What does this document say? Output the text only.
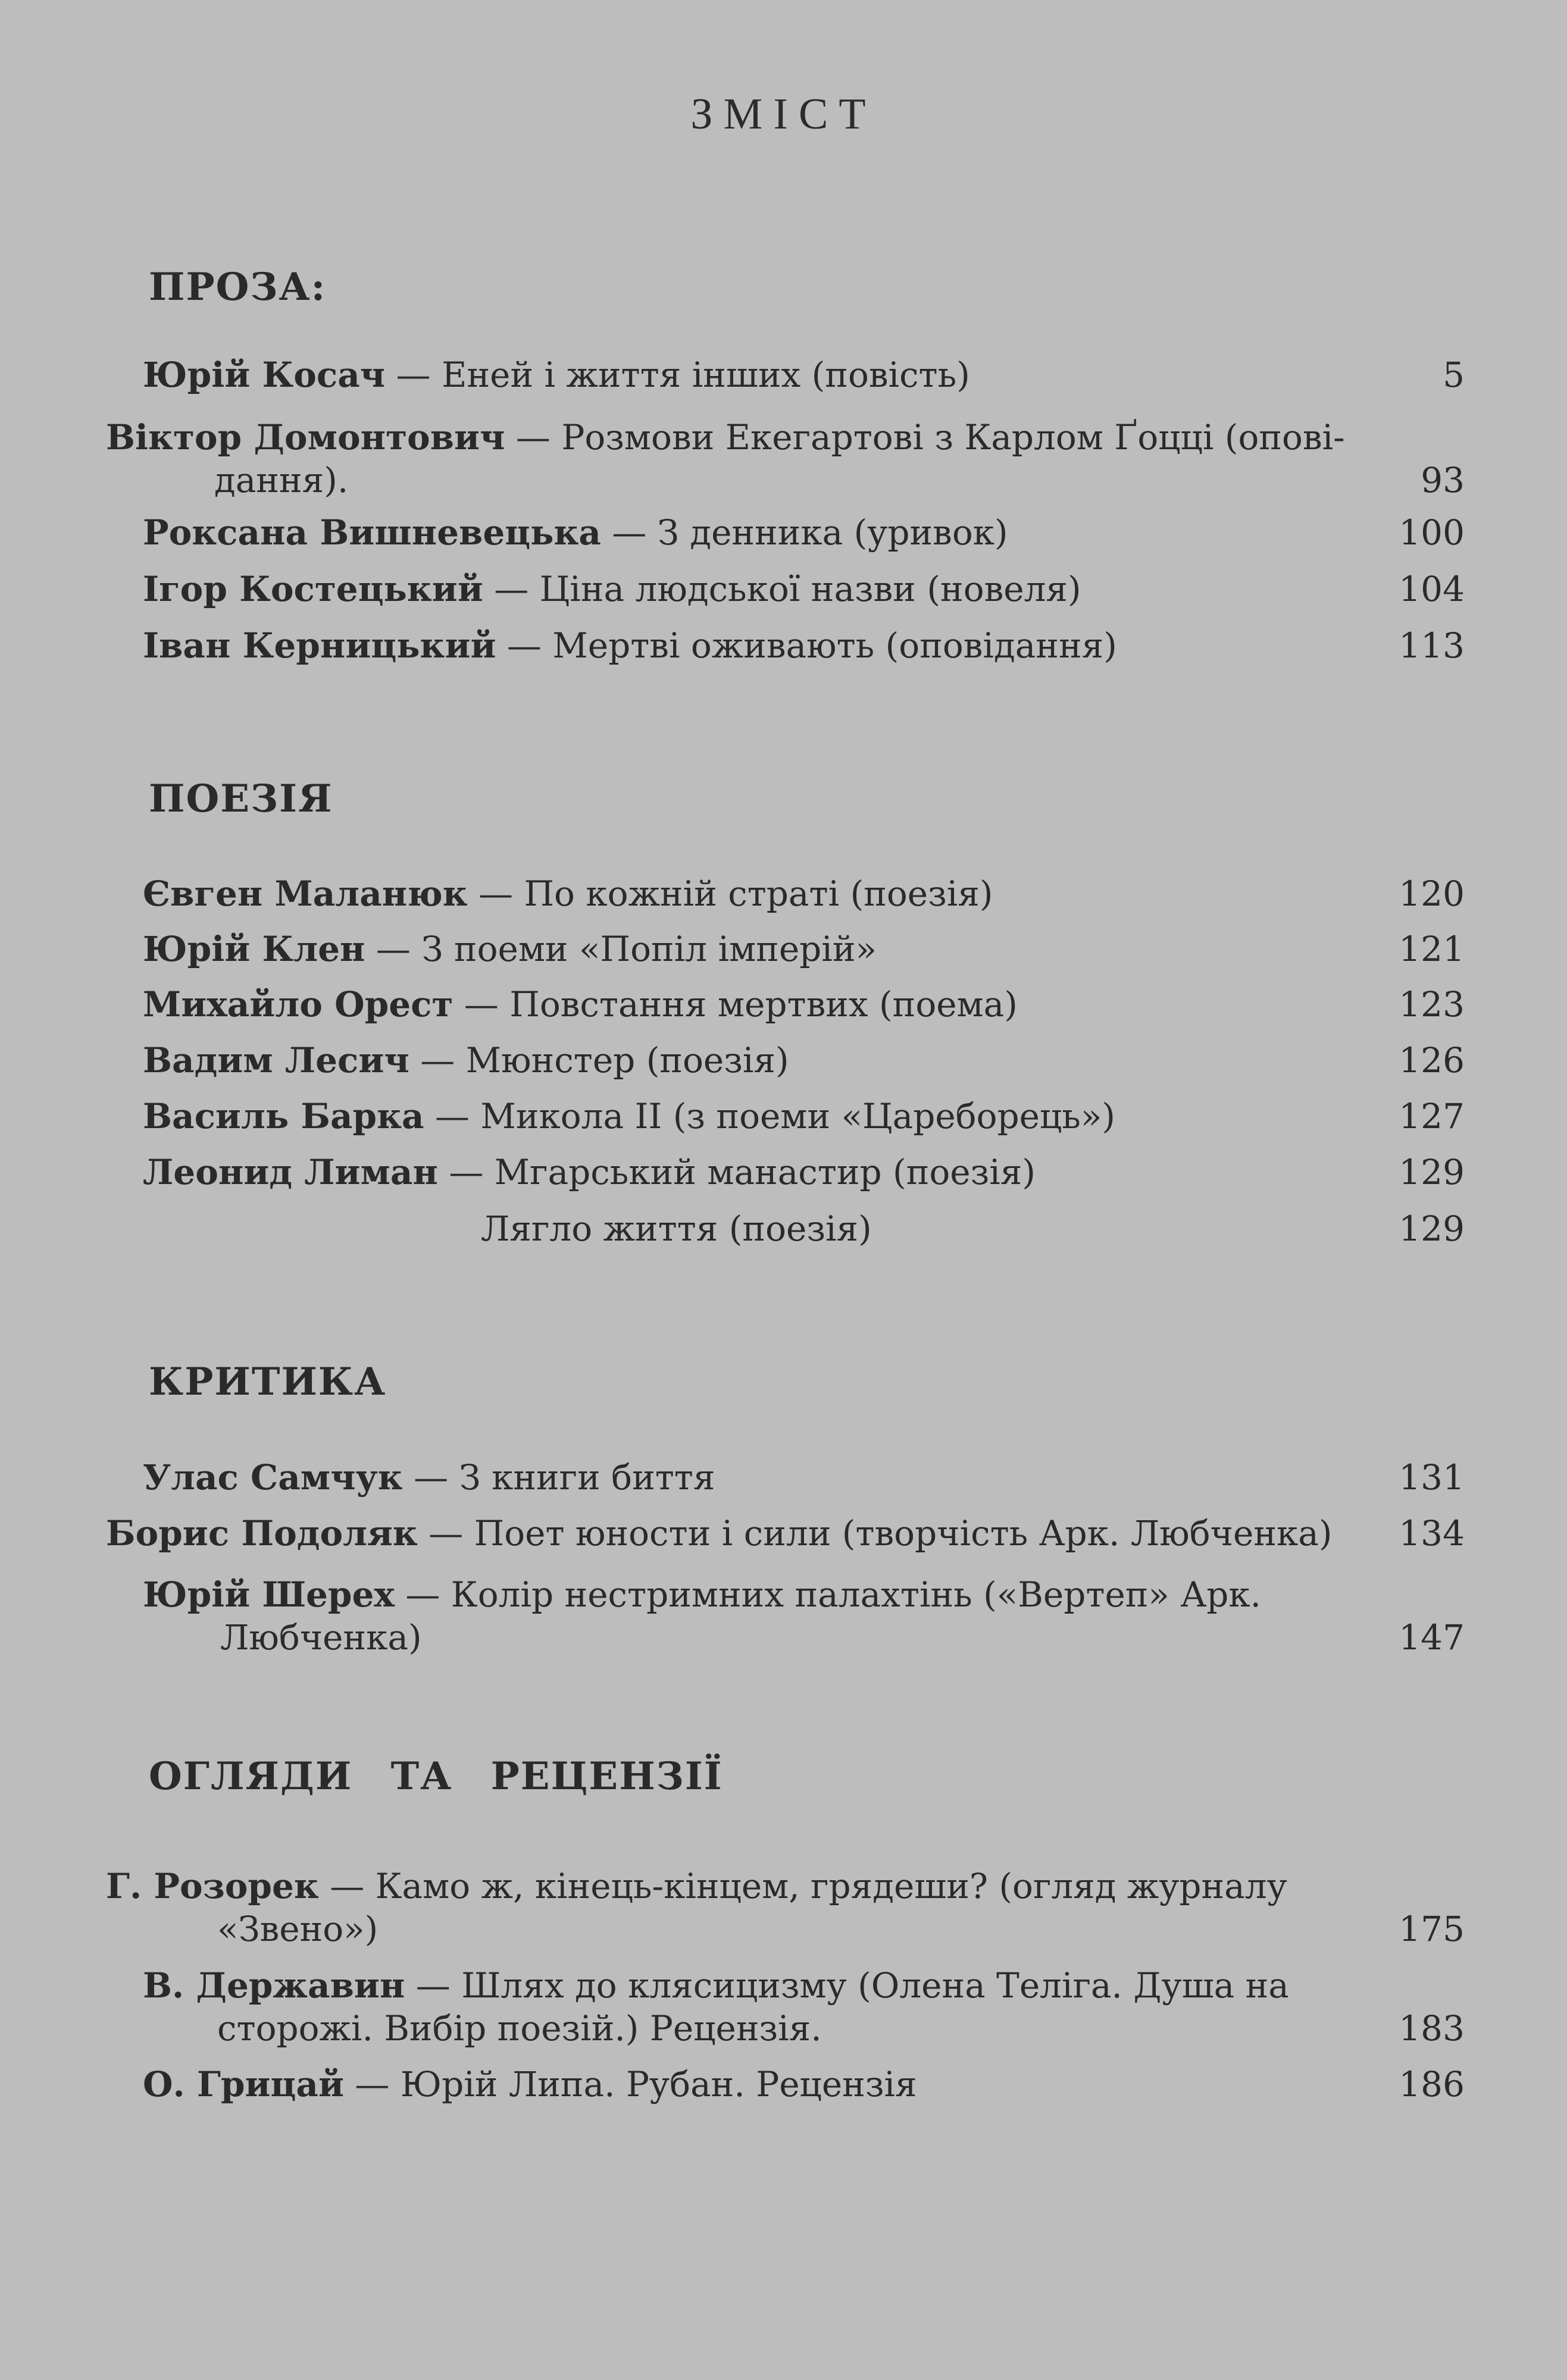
ЗМІСТ
ПРОЗА:
Юрій Косач — Еней і життя інших (повість)	5
Віктор Домонтович — Розмови Екегартові з Карлом Ґоцці (опові-
дання).	93
Роксана Вишневецька — З денника (уривок)	100
Ігор Костецький — Ціна людської назви (новеля)	104
Іван Керницький — Мертві оживають (оповідання)	113
ПОЕЗІЯ
Євген Маланюк — По кожній страті (поезія)	120
Юрій Клен — З поеми «Попіл імперій»	121
Михайло Орест — Повстання мертвих (поема)	123
Вадим Лесич — Мюнстер (поезія)	126
Василь Барка — Микола II (з поеми «Цареборець»)	127
Леонид Лиман — Мгарський манастир (поезія)	129
Лягло життя (поезія)	129
КРИТИКА
Улас Самчук — З книги биття	131
Борис Подоляк — Поет юности і сили (творчість Арк. Любченка) 134
Юрій Шерех — Колір нестримних палахтінь («Вертеп» Арк.
Любченка)	147
ОГЛЯДИ ТА РЕЦЕНЗІЇ
Г. Розорек — Камо ж, кінець-кінцем, грядеши? (огляд журналу
«Звено»)	175
В. Державин — Шлях до клясицизму (Олена Теліга. Душа на
сторожі. Вибір поезій.) Рецензія.	183
О. Грицай — Юрій Липа. Рубан. Рецензія	186
